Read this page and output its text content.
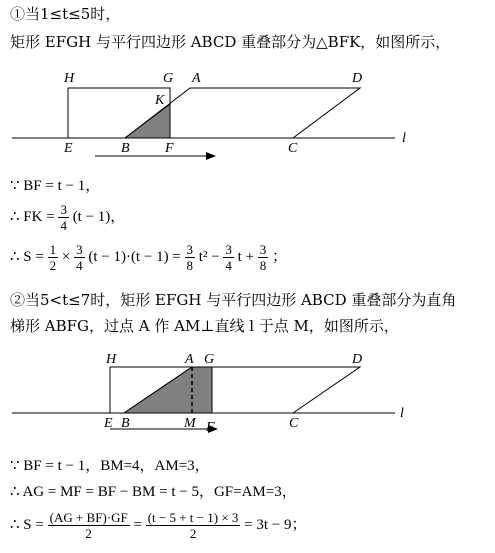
①当1≤t≤5时，
矩形 EFGH 与平行四边形 ABCD 重叠部分为△BFK，如图所示，
l
H	G A	D
K
E	B	F	C
∵ BF = t − 1，
∴ FK = $\frac{3}{4} (t - 1)$，
∴ $S = \frac{1}{2} \times \frac{3}{4} (t - 1)\cdot(t - 1) = \frac{3}{8} t^2 - \frac{3}{4}$ $t + \frac{3}{8}$ ；
②当5<t≤7时，矩形 EFGH 与平行四边形 ABCD 重叠部分为直角
梯形 ABFG，过点 A 作 AM⊥直线 l 于点 M，如图所示，
l
H	A G	D
E B	M F	C
∵ BF = t − 1，BM=4，AM=3，
∴ AG = MF = BF − BM = t − 5，GF=AM=3，
∴ $S = \frac{(AG + BF)\cdot GF}{2} = \frac{(t - 5 + t - 1) \times 3}{2} = 3t - 9$；
